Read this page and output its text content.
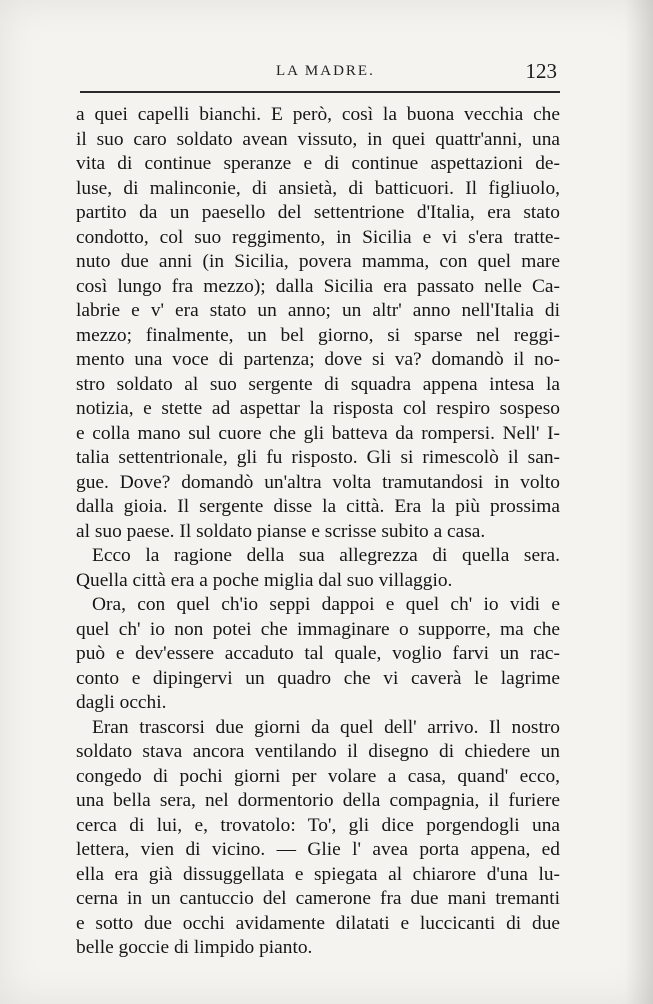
LA MADRE.	123
a quei capelli bianchi. E però, così la buona vecchia che
il suo caro soldato avean vissuto, in quei quattr'anni, una
vita di continue speranze e di continue aspettazioni de-
luse, di malinconie, di ansietà, di batticuori. Il figliuolo,
partito da un paesello del settentrione d'Italia, era stato
condotto, col suo reggimento, in Sicilia e vi s'era tratte-
nuto due anni (in Sicilia, povera mamma, con quel mare
così lungo fra mezzo); dalla Sicilia era passato nelle Ca-
labrie e v' era stato un anno; un altr' anno nell'Italia di
mezzo; finalmente, un bel giorno, si sparse nel reggi-
mento una voce di partenza; dove si va? domandò il no-
stro soldato al suo sergente di squadra appena intesa la
notizia, e stette ad aspettar la risposta col respiro sospeso
e colla mano sul cuore che gli batteva da rompersi. Nell' I-
talia settentrionale, gli fu risposto. Gli si rimescolò il san-
gue. Dove? domandò un'altra volta tramutandosi in volto
dalla gioia. Il sergente disse la città. Era la più prossima
al suo paese. Il soldato pianse e scrisse subito a casa.
Ecco la ragione della sua allegrezza di quella sera.
Quella città era a poche miglia dal suo villaggio.
Ora, con quel ch'io seppi dappoi e quel ch' io vidi e
quel ch' io non potei che immaginare o supporre, ma che
può e dev'essere accaduto tal quale, voglio farvi un rac-
conto e dipingervi un quadro che vi caverà le lagrime
dagli occhi.
Eran trascorsi due giorni da quel dell' arrivo. Il nostro
soldato stava ancora ventilando il disegno di chiedere un
congedo di pochi giorni per volare a casa, quand' ecco,
una bella sera, nel dormentorio della compagnia, il furiere
cerca di lui, e, trovatolo: To', gli dice porgendogli una
lettera, vien di vicino. — Glie l' avea porta appena, ed
ella era già dissuggellata e spiegata al chiarore d'una lu-
cerna in un cantuccio del camerone fra due mani tremanti
e sotto due occhi avidamente dilatati e luccicanti di due
belle goccie di limpido pianto.
